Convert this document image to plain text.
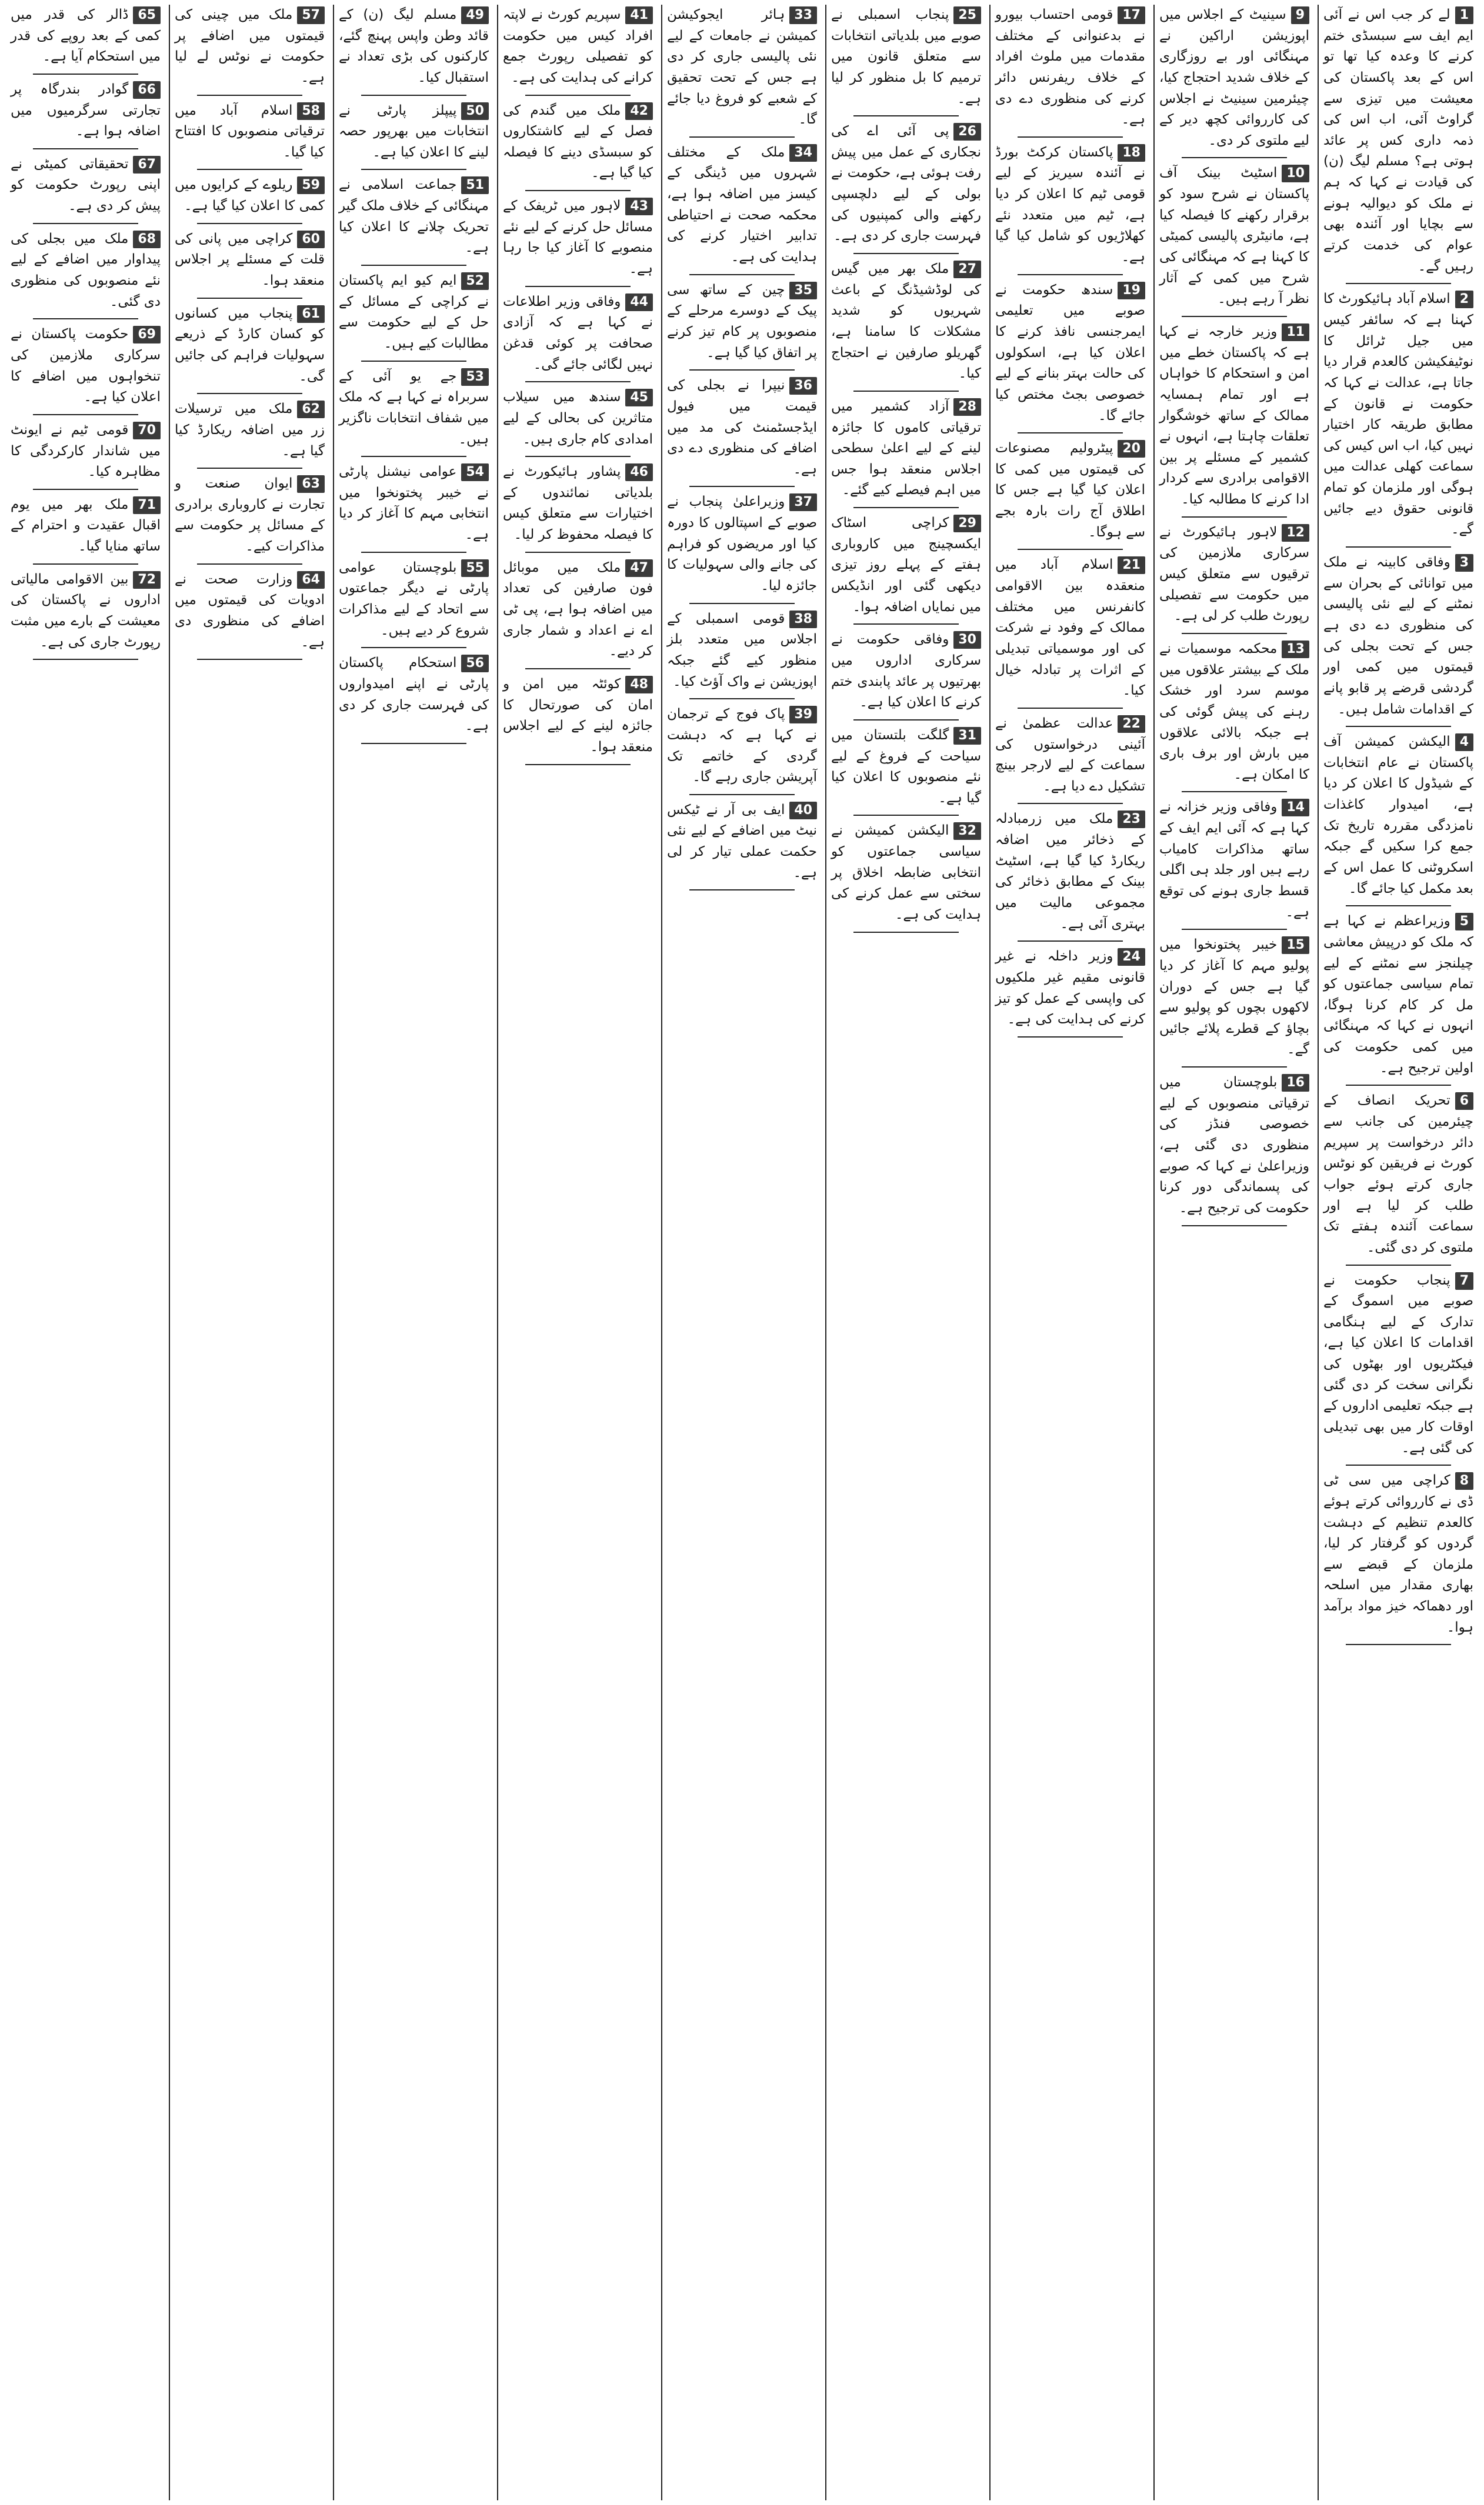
1لے کر جب اس نے آئی ایم ایف سے سبسڈی ختم کرنے کا وعدہ کیا تھا تو اس کے بعد پاکستان کی معیشت میں تیزی سے گراوٹ آئی، اب اس کی ذمہ داری کس پر عائد ہوتی ہے؟ مسلم لیگ (ن) کی قیادت نے کہا کہ ہم نے ملک کو دیوالیہ ہونے سے بچایا اور آئندہ بھی عوام کی خدمت کرتے رہیں گے۔
2اسلام آباد ہائیکورٹ کا کہنا ہے کہ سائفر کیس میں جیل ٹرائل کا نوٹیفکیشن کالعدم قرار دیا جاتا ہے، عدالت نے کہا کہ حکومت نے قانون کے مطابق طریقہ کار اختیار نہیں کیا، اب اس کیس کی سماعت کھلی عدالت میں ہوگی اور ملزمان کو تمام قانونی حقوق دیے جائیں گے۔
3وفاقی کابینہ نے ملک میں توانائی کے بحران سے نمٹنے کے لیے نئی پالیسی کی منظوری دے دی ہے جس کے تحت بجلی کی قیمتوں میں کمی اور گردشی قرضے پر قابو پانے کے اقدامات شامل ہیں۔
4الیکشن کمیشن آف پاکستان نے عام انتخابات کے شیڈول کا اعلان کر دیا ہے، امیدوار کاغذات نامزدگی مقررہ تاریخ تک جمع کرا سکیں گے جبکہ اسکروٹنی کا عمل اس کے بعد مکمل کیا جائے گا۔
5وزیراعظم نے کہا ہے کہ ملک کو درپیش معاشی چیلنجز سے نمٹنے کے لیے تمام سیاسی جماعتوں کو مل کر کام کرنا ہوگا، انہوں نے کہا کہ مہنگائی میں کمی حکومت کی اولین ترجیح ہے۔
6تحریک انصاف کے چیئرمین کی جانب سے دائر درخواست پر سپریم کورٹ نے فریقین کو نوٹس جاری کرتے ہوئے جواب طلب کر لیا ہے اور سماعت آئندہ ہفتے تک ملتوی کر دی گئی۔
7پنجاب حکومت نے صوبے میں اسموگ کے تدارک کے لیے ہنگامی اقدامات کا اعلان کیا ہے، فیکٹریوں اور بھٹوں کی نگرانی سخت کر دی گئی ہے جبکہ تعلیمی اداروں کے اوقات کار میں بھی تبدیلی کی گئی ہے۔
8کراچی میں سی ٹی ڈی نے کارروائی کرتے ہوئے کالعدم تنظیم کے دہشت گردوں کو گرفتار کر لیا، ملزمان کے قبضے سے بھاری مقدار میں اسلحہ اور دھماکہ خیز مواد برآمد ہوا۔
9سینیٹ کے اجلاس میں اپوزیشن اراکین نے مہنگائی اور بے روزگاری کے خلاف شدید احتجاج کیا، چیئرمین سینیٹ نے اجلاس کی کارروائی کچھ دیر کے لیے ملتوی کر دی۔
10اسٹیٹ بینک آف پاکستان نے شرح سود کو برقرار رکھنے کا فیصلہ کیا ہے، مانیٹری پالیسی کمیٹی کا کہنا ہے کہ مہنگائی کی شرح میں کمی کے آثار نظر آ رہے ہیں۔
11وزیر خارجہ نے کہا ہے کہ پاکستان خطے میں امن و استحکام کا خواہاں ہے اور تمام ہمسایہ ممالک کے ساتھ خوشگوار تعلقات چاہتا ہے، انہوں نے کشمیر کے مسئلے پر بین الاقوامی برادری سے کردار ادا کرنے کا مطالبہ کیا۔
12لاہور ہائیکورٹ نے سرکاری ملازمین کی ترقیوں سے متعلق کیس میں حکومت سے تفصیلی رپورٹ طلب کر لی ہے۔
13محکمہ موسمیات نے ملک کے بیشتر علاقوں میں موسم سرد اور خشک رہنے کی پیش گوئی کی ہے جبکہ بالائی علاقوں میں بارش اور برف باری کا امکان ہے۔
14وفاقی وزیر خزانہ نے کہا ہے کہ آئی ایم ایف کے ساتھ مذاکرات کامیاب رہے ہیں اور جلد ہی اگلی قسط جاری ہونے کی توقع ہے۔
15خیبر پختونخوا میں پولیو مہم کا آغاز کر دیا گیا ہے جس کے دوران لاکھوں بچوں کو پولیو سے بچاؤ کے قطرے پلائے جائیں گے۔
16بلوچستان میں ترقیاتی منصوبوں کے لیے خصوصی فنڈز کی منظوری دی گئی ہے، وزیراعلیٰ نے کہا کہ صوبے کی پسماندگی دور کرنا حکومت کی ترجیح ہے۔
17قومی احتساب بیورو نے بدعنوانی کے مختلف مقدمات میں ملوث افراد کے خلاف ریفرنس دائر کرنے کی منظوری دے دی ہے۔
18پاکستان کرکٹ بورڈ نے آئندہ سیریز کے لیے قومی ٹیم کا اعلان کر دیا ہے، ٹیم میں متعدد نئے کھلاڑیوں کو شامل کیا گیا ہے۔
19سندھ حکومت نے صوبے میں تعلیمی ایمرجنسی نافذ کرنے کا اعلان کیا ہے، اسکولوں کی حالت بہتر بنانے کے لیے خصوصی بجٹ مختص کیا جائے گا۔
20پیٹرولیم مصنوعات کی قیمتوں میں کمی کا اعلان کیا گیا ہے جس کا اطلاق آج رات بارہ بجے سے ہوگا۔
21اسلام آباد میں منعقدہ بین الاقوامی کانفرنس میں مختلف ممالک کے وفود نے شرکت کی اور موسمیاتی تبدیلی کے اثرات پر تبادلہ خیال کیا۔
22عدالت عظمیٰ نے آئینی درخواستوں کی سماعت کے لیے لارجر بینچ تشکیل دے دیا ہے۔
23ملک میں زرمبادلہ کے ذخائر میں اضافہ ریکارڈ کیا گیا ہے، اسٹیٹ بینک کے مطابق ذخائر کی مجموعی مالیت میں بہتری آئی ہے۔
24وزیر داخلہ نے غیر قانونی مقیم غیر ملکیوں کی واپسی کے عمل کو تیز کرنے کی ہدایت کی ہے۔
25پنجاب اسمبلی نے صوبے میں بلدیاتی انتخابات سے متعلق قانون میں ترمیم کا بل منظور کر لیا ہے۔
26پی آئی اے کی نجکاری کے عمل میں پیش رفت ہوئی ہے، حکومت نے بولی کے لیے دلچسپی رکھنے والی کمپنیوں کی فہرست جاری کر دی ہے۔
27ملک بھر میں گیس کی لوڈشیڈنگ کے باعث شہریوں کو شدید مشکلات کا سامنا ہے، گھریلو صارفین نے احتجاج کیا۔
28آزاد کشمیر میں ترقیاتی کاموں کا جائزہ لینے کے لیے اعلیٰ سطحی اجلاس منعقد ہوا جس میں اہم فیصلے کیے گئے۔
29کراچی اسٹاک ایکسچینج میں کاروباری ہفتے کے پہلے روز تیزی دیکھی گئی اور انڈیکس میں نمایاں اضافہ ہوا۔
30وفاقی حکومت نے سرکاری اداروں میں بھرتیوں پر عائد پابندی ختم کرنے کا اعلان کیا ہے۔
31گلگت بلتستان میں سیاحت کے فروغ کے لیے نئے منصوبوں کا اعلان کیا گیا ہے۔
32الیکشن کمیشن نے سیاسی جماعتوں کو انتخابی ضابطہ اخلاق پر سختی سے عمل کرنے کی ہدایت کی ہے۔
33ہائر ایجوکیشن کمیشن نے جامعات کے لیے نئی پالیسی جاری کر دی ہے جس کے تحت تحقیق کے شعبے کو فروغ دیا جائے گا۔
34ملک کے مختلف شہروں میں ڈینگی کے کیسز میں اضافہ ہوا ہے، محکمہ صحت نے احتیاطی تدابیر اختیار کرنے کی ہدایت کی ہے۔
35چین کے ساتھ سی پیک کے دوسرے مرحلے کے منصوبوں پر کام تیز کرنے پر اتفاق کیا گیا ہے۔
36نیپرا نے بجلی کی قیمت میں فیول ایڈجسٹمنٹ کی مد میں اضافے کی منظوری دے دی ہے۔
37وزیراعلیٰ پنجاب نے صوبے کے اسپتالوں کا دورہ کیا اور مریضوں کو فراہم کی جانے والی سہولیات کا جائزہ لیا۔
38قومی اسمبلی کے اجلاس میں متعدد بلز منظور کیے گئے جبکہ اپوزیشن نے واک آؤٹ کیا۔
39پاک فوج کے ترجمان نے کہا ہے کہ دہشت گردی کے خاتمے تک آپریشن جاری رہے گا۔
40ایف بی آر نے ٹیکس نیٹ میں اضافے کے لیے نئی حکمت عملی تیار کر لی ہے۔
41سپریم کورٹ نے لاپتہ افراد کیس میں حکومت کو تفصیلی رپورٹ جمع کرانے کی ہدایت کی ہے۔
42ملک میں گندم کی فصل کے لیے کاشتکاروں کو سبسڈی دینے کا فیصلہ کیا گیا ہے۔
43لاہور میں ٹریفک کے مسائل حل کرنے کے لیے نئے منصوبے کا آغاز کیا جا رہا ہے۔
44وفاقی وزیر اطلاعات نے کہا ہے کہ آزادی صحافت پر کوئی قدغن نہیں لگائی جائے گی۔
45سندھ میں سیلاب متاثرین کی بحالی کے لیے امدادی کام جاری ہیں۔
46پشاور ہائیکورٹ نے بلدیاتی نمائندوں کے اختیارات سے متعلق کیس کا فیصلہ محفوظ کر لیا۔
47ملک میں موبائل فون صارفین کی تعداد میں اضافہ ہوا ہے، پی ٹی اے نے اعداد و شمار جاری کر دیے۔
48کوئٹہ میں امن و امان کی صورتحال کا جائزہ لینے کے لیے اجلاس منعقد ہوا۔
49مسلم لیگ (ن) کے قائد وطن واپس پہنچ گئے، کارکنوں کی بڑی تعداد نے استقبال کیا۔
50پیپلز پارٹی نے انتخابات میں بھرپور حصہ لینے کا اعلان کیا ہے۔
51جماعت اسلامی نے مہنگائی کے خلاف ملک گیر تحریک چلانے کا اعلان کیا ہے۔
52ایم کیو ایم پاکستان نے کراچی کے مسائل کے حل کے لیے حکومت سے مطالبات کیے ہیں۔
53جے یو آئی کے سربراہ نے کہا ہے کہ ملک میں شفاف انتخابات ناگزیر ہیں۔
54عوامی نیشنل پارٹی نے خیبر پختونخوا میں انتخابی مہم کا آغاز کر دیا ہے۔
55بلوچستان عوامی پارٹی نے دیگر جماعتوں سے اتحاد کے لیے مذاکرات شروع کر دیے ہیں۔
56استحکام پاکستان پارٹی نے اپنے امیدواروں کی فہرست جاری کر دی ہے۔
57ملک میں چینی کی قیمتوں میں اضافے پر حکومت نے نوٹس لے لیا ہے۔
58اسلام آباد میں ترقیاتی منصوبوں کا افتتاح کیا گیا۔
59ریلوے کے کرایوں میں کمی کا اعلان کیا گیا ہے۔
60کراچی میں پانی کی قلت کے مسئلے پر اجلاس منعقد ہوا۔
61پنجاب میں کسانوں کو کسان کارڈ کے ذریعے سہولیات فراہم کی جائیں گی۔
62ملک میں ترسیلات زر میں اضافہ ریکارڈ کیا گیا ہے۔
63ایوان صنعت و تجارت نے کاروباری برادری کے مسائل پر حکومت سے مذاکرات کیے۔
64وزارت صحت نے ادویات کی قیمتوں میں اضافے کی منظوری دی ہے۔
65ڈالر کی قدر میں کمی کے بعد روپے کی قدر میں استحکام آیا ہے۔
66گوادر بندرگاہ پر تجارتی سرگرمیوں میں اضافہ ہوا ہے۔
67تحقیقاتی کمیٹی نے اپنی رپورٹ حکومت کو پیش کر دی ہے۔
68ملک میں بجلی کی پیداوار میں اضافے کے لیے نئے منصوبوں کی منظوری دی گئی۔
69حکومت پاکستان نے سرکاری ملازمین کی تنخواہوں میں اضافے کا اعلان کیا ہے۔
70قومی ٹیم نے ایونٹ میں شاندار کارکردگی کا مظاہرہ کیا۔
71ملک بھر میں یوم اقبال عقیدت و احترام کے ساتھ منایا گیا۔
72بین الاقوامی مالیاتی اداروں نے پاکستان کی معیشت کے بارے میں مثبت رپورٹ جاری کی ہے۔
